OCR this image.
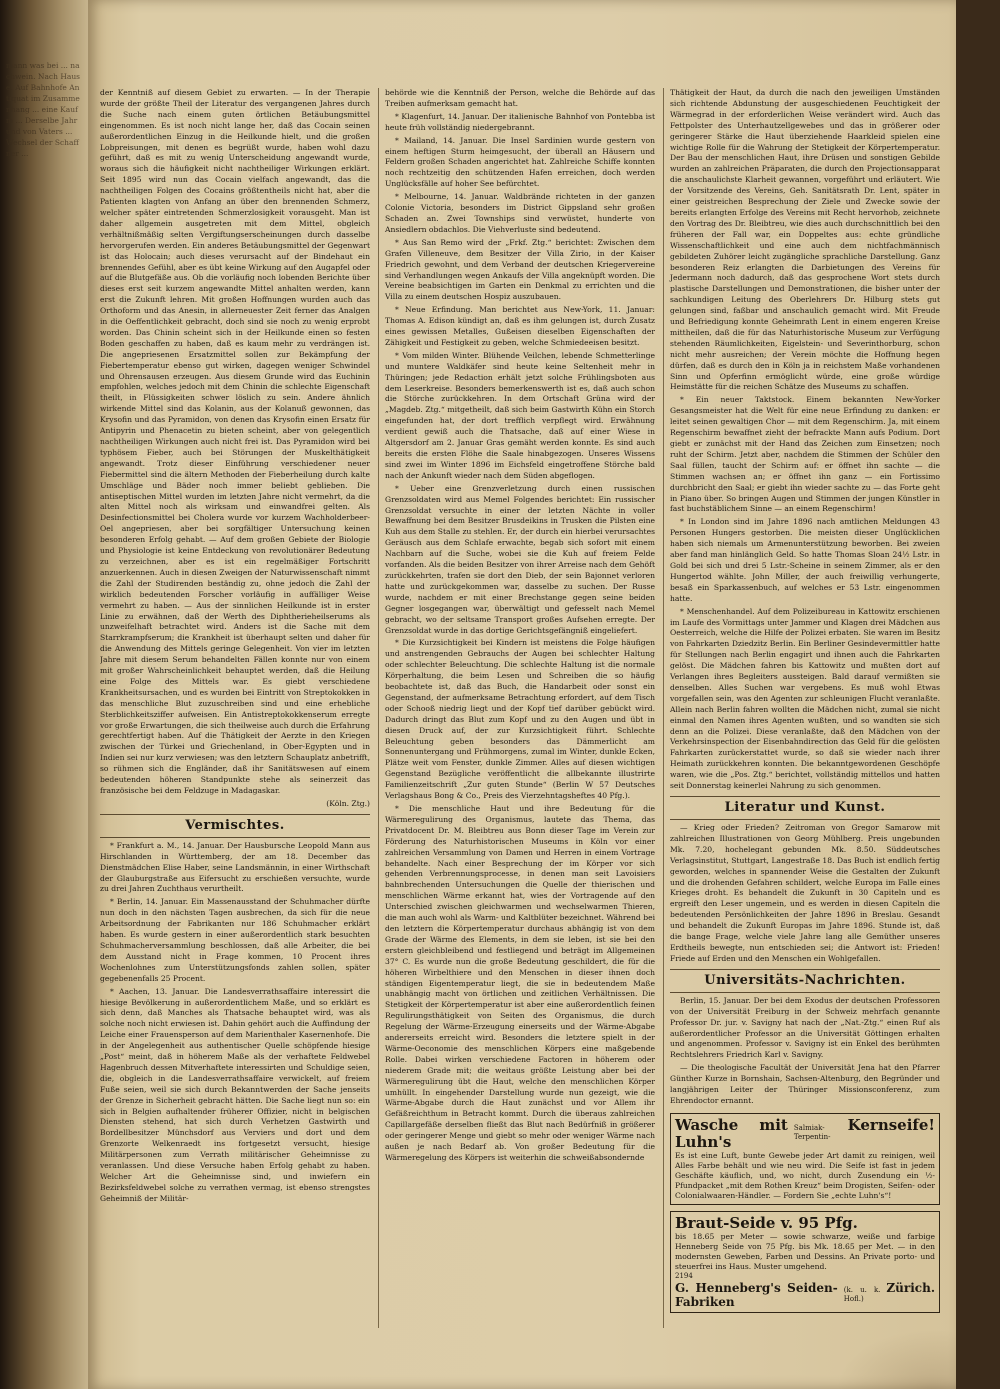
mann was bei ... nachwein. Nach Hause. Auf Bahnhofe Antiquat im Zusammenhang ... eine Kaufm ... Derselbe Jahr und von Vaters ... Wechsel der Schaffner ...

der Kenntniß auf diesem Gebiet zu erwarten. — In der Therapie wurde der größte Theil der Literatur des vergangenen Jahres durch die Suche nach einem guten örtlichen Betäubungsmittel eingenommen. Es ist noch nicht lange her, daß das Cocain seinen außerordentlichen Einzug in die Heilkunde hielt, und die großen Lobpreisungen, mit denen es begrüßt wurde, haben wohl dazu geführt, daß es mit zu wenig Unterscheidung angewandt wurde, woraus sich die häufigkeit nicht nachtheiliger Wirkungen erklärt. Seit 1895 wird nun das Cocain vielfach angewandt, das die nachtheiligen Folgen des Cocains größtentheils nicht hat, aber die Patienten klagten von Anfang an über den brennenden Schmerz, welcher später eintretenden Schmerzlosigkeit vorausgeht. Man ist daher allgemein ausgetreten mit dem Mittel, obgleich verhältnißmäßig selten Vergiftungserscheinungen durch dasselbe hervorgerufen werden. Ein anderes Betäubungsmittel der Gegenwart ist das Holocain; auch dieses verursacht auf der Bindehaut ein brennendes Gefühl, aber es übt keine Wirkung auf den Augapfel oder auf die Blutgefäße aus. Ob die vorläufig noch lobenden Berichte über dieses erst seit kurzem angewandte Mittel anhalten werden, kann erst die Zukunft lehren. Mit großen Hoffnungen wurden auch das Orthoform und das Anesin, in allerneuester Zeit ferner das Analgen in die Oeffentlichkeit gebracht, doch sind sie noch zu wenig erprobt worden. Das Chinin scheint sich in der Heilkunde einen so festen Boden geschaffen zu haben, daß es kaum mehr zu verdrängen ist. Die angepriesenen Ersatzmittel sollen zur Bekämpfung der Fiebertemperatur ebenso gut wirken, dagegen weniger Schwindel und Ohrensausen erzeugen. Aus diesem Grunde wird das Euchinin empfohlen, welches jedoch mit dem Chinin die schlechte Eigenschaft theilt, in Flüssigkeiten schwer löslich zu sein. Andere ähnlich wirkende Mittel sind das Kolanin, aus der Kolanuß gewonnen, das Krysofin und das Pyramidon, von denen das Krysofin einen Ersatz für Antipyrin und Phenacetin zu bieten scheint, aber von gelegentlich nachtheiligen Wirkungen auch nicht frei ist. Das Pyramidon wird bei typhösem Fieber, auch bei Störungen der Muskelthätigkeit angewandt. Trotz dieser Einführung verschiedener neuer Fiebermittel sind die ältern Methoden der Fieberheilung durch kalte Umschläge und Bäder noch immer beliebt geblieben. Die antiseptischen Mittel wurden im letzten Jahre nicht vermehrt, da die alten Mittel noch als wirksam und einwandfrei gelten. Als Desinfectionsmittel bei Cholera wurde vor kurzem Wachholderbeer-Oel angepriesen, aber bei sorgfältiger Untersuchung keinen besonderen Erfolg gehabt. — Auf dem großen Gebiete der Biologie und Physiologie ist keine Entdeckung von revolutionärer Bedeutung zu verzeichnen, aber es ist ein regelmäßiger Fortschritt anzuerkennen. Auch in diesen Zweigen der Naturwissenschaft nimmt die Zahl der Studirenden beständig zu, ohne jedoch die Zahl der wirklich bedeutenden Forscher vorläufig in auffälliger Weise vermehrt zu haben. — Aus der sinnlichen Heilkunde ist in erster Linie zu erwähnen, daß der Werth des Diphtherieheilserums als unzweifelhaft betrachtet wird. Anders ist die Sache mit dem Starrkrampfserum; die Krankheit ist überhaupt selten und daher für die Anwendung des Mittels geringe Gelegenheit. Von vier im letzten Jahre mit diesem Serum behandelten Fällen konnte nur von einem mit großer Wahrscheinlichkeit behauptet werden, daß die Heilung eine Folge des Mittels war. Es giebt verschiedene Krankheitsursachen, und es wurden bei Eintritt von Streptokokken in das menschliche Blut zuzuschreiben sind und eine erhebliche Sterblichkeitsziffer aufweisen. Ein Antistreptokokkenserum erregte vor große Erwartungen, die sich theilweise auch durch die Erfahrung gerechtfertigt haben. Auf die Thätigkeit der Aerzte in den Kriegen zwischen der Türkei und Griechenland, in Ober-Egypten und in Indien sei nur kurz verwiesen; was den letztern Schauplatz anbetrifft, so rühmen sich die Engländer, daß ihr Sanitätswesen auf einem bedeutenden höheren Standpunkte stehe als seinerzeit das französische bei dem Feldzuge in Madagaskar.

(Köln. Ztg.)

Vermischtes.

* Frankfurt a. M., 14. Januar. Der Hausbursche Leopold Mann aus Hirschlanden in Württemberg, der am 18. December das Dienstmädchen Elise Haber, seine Landsmännin, in einer Wirthschaft der Glauburgstraße aus Eifersucht zu erschießen versuchte, wurde zu drei Jahren Zuchthaus verurtheilt.

* Berlin, 14. Januar. Ein Massenausstand der Schuhmacher dürfte nun doch in den nächsten Tagen ausbrechen, da sich für die neue Arbeitsordnung der Fabrikanten nur 186 Schuhmacher erklärt haben. Es wurde gestern in einer außerordentlich stark besuchten Schuhmacherversammlung beschlossen, daß alle Arbeiter, die bei dem Ausstand nicht in Frage kommen, 10 Procent ihres Wochenlohnes zum Unterstützungsfonds zahlen sollen, später gegebenenfalls 25 Procent.

* Aachen, 13. Januar. Die Landesverrathsaffaire interessirt die hiesige Bevölkerung in außerordentlichem Maße, und so erklärt es sich denn, daß Manches als Thatsache behauptet wird, was als solche noch nicht erwiesen ist. Dahin gehört auch die Auffindung der Leiche einer Frauensperson auf dem Marienthaler Kasernenhofe. Die in der Angelegenheit aus authentischer Quelle schöpfende hiesige „Post“ meint, daß in höherem Maße als der verhaftete Feldwebel Hagenbruch dessen Mitverhaftete interessirten und Schuldige seien, die, obgleich in die Landesverrathsaffaire verwickelt, auf freiem Fuße seien, weil sie sich durch Bekanntwerden der Sache jenseits der Grenze in Sicherheit gebracht hätten. Die Sache liegt nun so: ein sich in Belgien aufhaltender früherer Offizier, nicht in belgischen Diensten stehend, hat sich durch Verhetzen Gastwirth und Bordellbesitzer Münchsdorf aus Verviers und dort und dem Grenzorte Welkenraedt ins fortgesetzt versucht, hiesige Militärpersonen zum Verrath militärischer Geheimnisse zu veranlassen. Und diese Versuche haben Erfolg gehabt zu haben. Welcher Art die Geheimnisse sind, und inwiefern ein Bezirksfeldwebel solche zu verrathen vermag, ist ebenso strengstes Geheimniß der Militär-

behörde wie die Kenntniß der Person, welche die Behörde auf das Treiben aufmerksam gemacht hat.

* Klagenfurt, 14. Januar. Der italienische Bahnhof von Pontebba ist heute früh vollständig niedergebrannt.

* Mailand, 14. Januar. Die Insel Sardinien wurde gestern von einem heftigen Sturm heimgesucht, der überall an Häusern und Feldern großen Schaden angerichtet hat. Zahlreiche Schiffe konnten noch rechtzeitig den schützenden Hafen erreichen, doch werden Unglücksfälle auf hoher See befürchtet.

* Melbourne, 14. Januar. Waldbrände richteten in der ganzen Colonie Victoria, besonders im District Gippsland sehr großen Schaden an. Zwei Townships sind verwüstet, hunderte von Ansiedlern obdachlos. Die Viehverluste sind bedeutend.

* Aus San Remo wird der „Frkf. Ztg.“ berichtet: Zwischen dem Grafen Villeneuve, dem Besitzer der Villa Zirio, in der Kaiser Friedrich gewohnt, und dem Verband der deutschen Kriegervereine sind Verhandlungen wegen Ankaufs der Villa angeknüpft worden. Die Vereine beabsichtigen im Garten ein Denkmal zu errichten und die Villa zu einem deutschen Hospiz auszubauen.

* Neue Erfindung. Man berichtet aus New-York, 11. Januar: Thomas A. Edison kündigt an, daß es ihm gelungen ist, durch Zusatz eines gewissen Metalles, Gußeisen dieselben Eigenschaften der Zähigkeit und Festigkeit zu geben, welche Schmiedeeisen besitzt.

* Vom milden Winter. Blühende Veilchen, lebende Schmetterlinge und muntere Waldkäfer sind heute keine Seltenheit mehr in Thüringen; jede Redaction erhält jetzt solche Frühlingsboten aus dem Leserkreise. Besonders bemerkenswerth ist es, daß auch schon die Störche zurückkehren. In dem Ortschaft Grüna wird der „Magdeb. Ztg.“ mitgetheilt, daß sich beim Gastwirth Kühn ein Storch eingefunden hat, der dort trefflich verpflegt wird. Erwähnung verdient gewiß auch die Thatsache, daß auf einer Wiese in Altgersdorf am 2. Januar Gras gemäht werden konnte. Es sind auch bereits die ersten Flöhe die Saale hinabgezogen. Unseres Wissens sind zwei im Winter 1896 im Eichsfeld eingetroffene Störche bald nach der Ankunft wieder nach dem Süden abgeflogen.

* Ueber eine Grenzverletzung durch einen russischen Grenzsoldaten wird aus Memel Folgendes berichtet: Ein russischer Grenzsoldat versuchte in einer der letzten Nächte in voller Bewaffnung bei dem Besitzer Brusdeikins in Trusken die Pilsten eine Kuh aus dem Stalle zu stehlen. Er, der durch ein hierbei verursachtes Geräusch aus dem Schlafe erwachte, begab sich sofort mit einem Nachbarn auf die Suche, wobei sie die Kuh auf freiem Felde vorfanden. Als die beiden Besitzer von ihrer Arreise nach dem Gehöft zurückkehrten, trafen sie dort den Dieb, der sein Bajonnet verloren hatte und zurückgekommen war, dasselbe zu suchen. Der Russe wurde, nachdem er mit einer Brechstange gegen seine beiden Gegner losgegangen war, überwältigt und gefesselt nach Memel gebracht, wo der seltsame Transport großes Aufsehen erregte. Der Grenzsoldat wurde in das dortige Gerichtsgefängniß eingeliefert.

* Die Kurzsichtigkeit bei Kindern ist meistens die Folge häufigen und anstrengenden Gebrauchs der Augen bei schlechter Haltung oder schlechter Beleuchtung. Die schlechte Haltung ist die normale Körperhaltung, die beim Lesen und Schreiben die so häufig beobachtete ist, daß das Buch, die Handarbeit oder sonst ein Gegenstand, der aufmerksame Betrachtung erfordert, auf dem Tisch oder Schooß niedrig liegt und der Kopf tief darüber gebückt wird. Dadurch dringt das Blut zum Kopf und zu den Augen und übt in diesen Druck auf, der zur Kurzsichtigkeit führt. Schlechte Beleuchtung geben besonders das Dämmerlicht am Sonnenuntergang und Frühmorgens, zumal im Winter, dunkle Ecken, Plätze weit vom Fenster, dunkle Zimmer. Alles auf diesen wichtigen Gegenstand Bezügliche veröffentlicht die allbekannte illustrirte Familienzeitschrift „Zur guten Stunde“ (Berlin W 57 Deutsches Verlagshaus Bong & Co., Preis des Vierzehntagsheftes 40 Pfg.).

* Die menschliche Haut und ihre Bedeutung für die Wärmeregulirung des Organismus, lautete das Thema, das Privatdocent Dr. M. Bleibtreu aus Bonn dieser Tage im Verein zur Förderung des Naturhistorischen Museums in Köln vor einer zahlreichen Versammlung von Damen und Herren in einem Vortrage behandelte. Nach einer Besprechung der im Körper vor sich gehenden Verbrennungsprocesse, in denen man seit Lavoisiers bahnbrechenden Untersuchungen die Quelle der thierischen und menschlichen Wärme erkannt hat, wies der Vortragende auf den Unterschied zwischen gleichwarmen und wechselwarmen Thieren, die man auch wohl als Warm- und Kaltblüter bezeichnet. Während bei den letztern die Körpertemperatur durchaus abhängig ist von dem Grade der Wärme des Elements, in dem sie leben, ist sie bei den erstern gleichbleibend und festliegend und beträgt im Allgemeinen 37° C. Es wurde nun die große Bedeutung geschildert, die für die höheren Wirbelthiere und den Menschen in dieser ihnen doch ständigen Eigentemperatur liegt, die sie in bedeutendem Maße unabhängig macht von örtlichen und zeitlichen Verhältnissen. Die Stetigkeit der Körpertemperatur ist aber eine außerordentlich feinen Regulirungsthätigkeit von Seiten des Organismus, die durch Regelung der Wärme-Erzeugung einerseits und der Wärme-Abgabe andererseits erreicht wird. Besonders die letztere spielt in der Wärme-Oeconomie des menschlichen Körpers eine maßgebende Rolle. Dabei wirken verschiedene Factoren in höherem oder niederem Grade mit; die weitaus größte Leistung aber bei der Wärmeregulirung übt die Haut, welche den menschlichen Körper umhüllt. In eingehender Darstellung wurde nun gezeigt, wie die Wärme-Abgabe durch die Haut zunächst und vor Allem ihr Gefäßreichthum in Betracht kommt. Durch die überaus zahlreichen Capillargefäße derselben fließt das Blut nach Bedürfniß in größerer oder geringerer Menge und giebt so mehr oder weniger Wärme nach außen je nach Bedarf ab. Von großer Bedeutung für die Wärmeregelung des Körpers ist weiterhin die schweißabsondernde

Thätigkeit der Haut, da durch die nach den jeweiligen Umständen sich richtende Abdunstung der ausgeschiedenen Feuchtigkeit der Wärmegrad in der erforderlichen Weise verändert wird. Auch das Fettpolster des Unterhautzellgewebes und das in größerer oder geringerer Stärke die Haut überziehende Haarkleid spielen eine wichtige Rolle für die Wahrung der Stetigkeit der Körpertemperatur. Der Bau der menschlichen Haut, ihre Drüsen und sonstigen Gebilde wurden an zahlreichen Präparaten, die durch den Projectionsapparat die anschaulichste Klarheit gewannen, vorgeführt und erläutert. Wie der Vorsitzende des Vereins, Geh. Sanitätsrath Dr. Lent, später in einer geistreichen Besprechung der Ziele und Zwecke sowie der bereits erlangten Erfolge des Vereins mit Recht hervorhob, zeichnete den Vortrag des Dr. Bleibtreu, wie dies auch durchschnittlich bei den früheren der Fall war, ein Doppeltes aus: echte gründliche Wissenschaftlichkeit und eine auch dem nichtfachmännisch gebildeten Zuhörer leicht zugängliche sprachliche Darstellung. Ganz besonderen Reiz erlangten die Darbietungen des Vereins für Jedermann noch dadurch, daß das gesprochene Wort stets durch plastische Darstellungen und Demonstrationen, die bisher unter der sachkundigen Leitung des Oberlehrers Dr. Hilburg stets gut gelungen sind, faßbar und anschaulich gemacht wird. Mit Freude und Befriedigung konnte Geheimrath Lent in einem engeren Kreise mittheilen, daß die für das Naturhistorische Museum zur Verfügung stehenden Räumlichkeiten, Eigelstein- und Severinthorburg, schon nicht mehr ausreichen; der Verein möchte die Hoffnung hegen dürfen, daß es durch den in Köln ja in reichstem Maße vorhandenen Sinn und Opferfinn ermöglicht würde, eine große würdige Heimstätte für die reichen Schätze des Museums zu schaffen.

* Ein neuer Taktstock. Einem bekannten New-Yorker Gesangsmeister hat die Welt für eine neue Erfindung zu danken: er leitet seinen gewaltigen Chor — mit dem Regenschirm. Ja, mit einem Regenschirm bewaffnet zieht der befrackte Mann aufs Podium. Dort giebt er zunächst mit der Hand das Zeichen zum Einsetzen; noch ruht der Schirm. Jetzt aber, nachdem die Stimmen der Schüler den Saal füllen, taucht der Schirm auf: er öffnet ihn sachte — die Stimmen wachsen an; er öffnet ihn ganz — ein Fortissimo durchbricht den Saal; er giebt ihn wieder sachte zu — das Forte geht in Piano über. So bringen Augen und Stimmen der jungen Künstler in fast buchstäblichem Sinne — an einem Regenschirm!

* In London sind im Jahre 1896 nach amtlichen Meldungen 43 Personen Hungers gestorben. Die meisten dieser Unglücklichen haben sich niemals um Armenunterstützung beworben. Bei zweien aber fand man hinlänglich Geld. So hatte Thomas Sloan 24½ Lstr. in Gold bei sich und drei 5 Lstr.-Scheine in seinem Zimmer, als er den Hungertod wählte. John Miller, der auch freiwillig verhungerte, besaß ein Sparkassenbuch, auf welches er 53 Lstr. eingenommen hatte.

* Menschenhandel. Auf dem Polizeibureau in Kattowitz erschienen im Laufe des Vormittags unter Jammer und Klagen drei Mädchen aus Oesterreich, welche die Hilfe der Polizei erbaten. Sie waren im Besitz von Fahrkarten Dziedzitz Berlin. Ein Berliner Gesindevermittler hatte für Stellungen nach Berlin engagirt und ihnen auch die Fahrkarten gelöst. Die Mädchen fahren bis Kattowitz und mußten dort auf Verlangen ihres Begleiters aussteigen. Bald darauf vermißten sie denselben. Alles Suchen war vergebens. Es muß wohl Etwas vorgefallen sein, was den Agenten zur schleunigen Flucht veranlaßte. Allein nach Berlin fahren wollten die Mädchen nicht, zumal sie nicht einmal den Namen ihres Agenten wußten, und so wandten sie sich denn an die Polizei. Diese veranlaßte, daß den Mädchen von der Verkehrsinspection der Eisenbahndirection das Geld für die gelösten Fahrkarten zurückerstattet wurde, so daß sie wieder nach ihrer Heimath zurückkehren konnten. Die bekanntgewordenen Geschöpfe waren, wie die „Pos. Ztg.“ berichtet, vollständig mittellos und hatten seit Donnerstag keinerlei Nahrung zu sich genommen.

Literatur und Kunst.

— Krieg oder Frieden? Zeitroman von Gregor Samarow mit zahlreichen Illustrationen von Georg Mühlberg. Preis ungebunden Mk. 7.20, hochelegant gebunden Mk. 8.50. Süddeutsches Verlagsinstitut, Stuttgart, Langestraße 18. Das Buch ist endlich fertig geworden, welches in spannender Weise die Gestalten der Zukunft und die drohenden Gefahren schildert, welche Europa im Falle eines Krieges droht. Es behandelt die Zukunft in 30 Capiteln und es ergreift den Leser ungemein, und es werden in diesen Capiteln die bedeutenden Persönlichkeiten der Jahre 1896 in Breslau. Gesandt und behandelt die Zukunft Europas im Jahre 1896. Stunde ist, daß die bange Frage, welche viele Jahre lang alle Gemüther unseres Erdtheils bewegte, nun entschieden sei; die Antwort ist: Frieden! Friede auf Erden und den Menschen ein Wohlgefallen.

Universitäts-Nachrichten.

Berlin, 15. Januar. Der bei dem Exodus der deutschen Professoren von der Universität Freiburg in der Schweiz mehrfach genannte Professor Dr. jur. v. Savigny hat nach der „Nat.-Ztg.“ einen Ruf als außerordentlicher Professor an die Universität Göttingen erhalten und angenommen. Professor v. Savigny ist ein Enkel des berühmten Rechtslehrers Friedrich Karl v. Savigny.

— Die theologische Facultät der Universität Jena hat den Pfarrer Günther Kurze in Bornshain, Sachsen-Altenburg, den Begründer und langjährigen Leiter der Thüringer Missionsconferenz, zum Ehrendoctor ernannt.

Wasche mit Luhn's
Salmiak-Terpentin-
Kernseife!
Es ist eine Luft, bunte Gewebe jeder Art damit zu reinigen, weil Alles Farbe behält und wie neu wird. Die Seife ist fast in jedem Geschäfte käuflich, und, wo nicht, durch Zusendung ein ½-Pfundpacket „mit dem Rothen Kreuz“ beim Drogisten, Seifen- oder Colonialwaaren-Händler. — Fordern Sie „echte Luhn's“!
Braut-Seide v. 95 Pfg.
bis 18.65 per Meter — sowie schwarze, weiße und farbige Henneberg Seide von 75 Pfg. bis Mk. 18.65 per Met. — in den modernsten Geweben, Farben und Dessins. An Private porto- und steuerfrei ins Haus. Muster umgehend.
2194
G. Henneberg's Seiden-Fabriken
(k. u. k. Hofl.)
Zürich.
